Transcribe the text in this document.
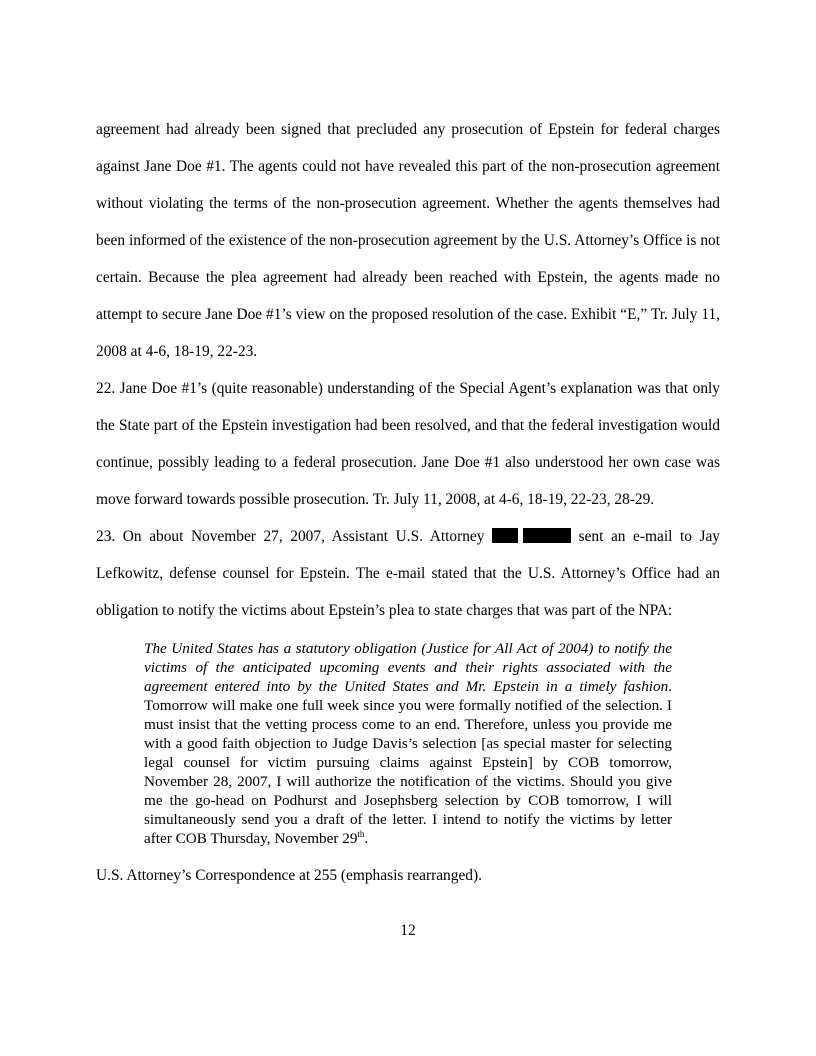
agreement had already been signed that precluded any prosecution of Epstein for federal charges against Jane Doe #1. The agents could not have revealed this part of the non-prosecution agreement without violating the terms of the non-prosecution agreement. Whether the agents themselves had been informed of the existence of the non-prosecution agreement by the U.S. Attorney’s Office is not certain. Because the plea agreement had already been reached with Epstein, the agents made no attempt to secure Jane Doe #1’s view on the proposed resolution of the case. Exhibit “E,” Tr. July 11, 2008 at 4-6, 18-19, 22-23.

22. Jane Doe #1’s (quite reasonable) understanding of the Special Agent’s explanation was that only the State part of the Epstein investigation had been resolved, and that the federal investigation would continue, possibly leading to a federal prosecution. Jane Doe #1 also understood her own case was move forward towards possible prosecution. Tr. July 11, 2008, at 4-6, 18-19, 22-23, 28-29.

23. On about November 27, 2007, Assistant U.S. Attorney	sent an e-mail to Jay Lefkowitz, defense counsel for Epstein. The e-mail stated that the U.S. Attorney’s Office had an obligation to notify the victims about Epstein’s plea to state charges that was part of the NPA:

The United States has a statutory obligation (Justice for All Act of 2004) to notify the victims of the anticipated upcoming events and their rights associated with the agreement entered into by the United States and Mr. Epstein in a timely fashion. Tomorrow will make one full week since you were formally notified of the selection. I must insist that the vetting process come to an end. Therefore, unless you provide me with a good faith objection to Judge Davis’s selection [as special master for selecting legal counsel for victim pursuing claims against Epstein] by COB tomorrow, November 28, 2007, I will authorize the notification of the victims. Should you give me the go-head on Podhurst and Josephsberg selection by COB tomorrow, I will simultaneously send you a draft of the letter. I intend to notify the victims by letter after COB Thursday, November 29th.

U.S. Attorney’s Correspondence at 255 (emphasis rearranged).

12
